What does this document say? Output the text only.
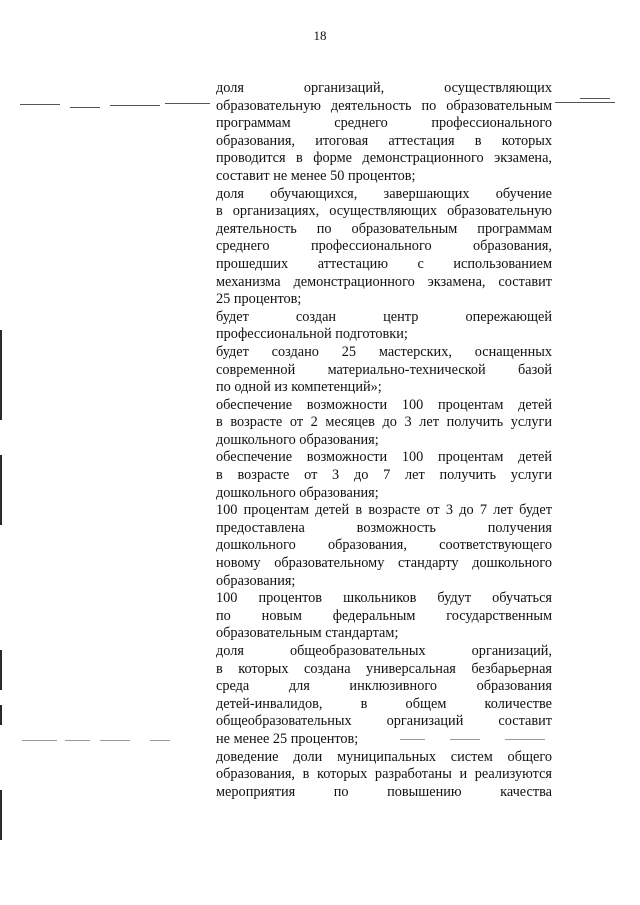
18
доля организаций, осуществляющих
образовательную деятельность по образовательным
программам среднего профессионального
образования, итоговая аттестация в которых
проводится в форме демонстрационного экзамена,
составит не менее 50 процентов;
доля обучающихся, завершающих обучение
в организациях, осуществляющих образовательную
деятельность по образовательным программам
среднего профессионального образования,
прошедших аттестацию с использованием
механизма демонстрационного экзамена, составит
25 процентов;
будет создан центр опережающей
профессиональной подготовки;
будет создано 25 мастерских, оснащенных
современной материально-технической базой
по одной из компетенций»;
обеспечение возможности 100 процентам детей
в возрасте от 2 месяцев до 3 лет получить услуги
дошкольного образования;
обеспечение возможности 100 процентам детей
в возрасте от 3 до 7 лет получить услуги
дошкольного образования;
100 процентам детей в возрасте от 3 до 7 лет будет
предоставлена возможность получения
дошкольного образования, соответствующего
новому образовательному стандарту дошкольного
образования;
100 процентов школьников будут обучаться
по новым федеральным государственным
образовательным стандартам;
доля общеобразовательных организаций,
в которых создана универсальная безбарьерная
среда для инклюзивного образования
детей-инвалидов, в общем количестве
общеобразовательных организаций составит
не менее 25 процентов;
доведение доли муниципальных систем общего
образования, в которых разработаны и реализуются
мероприятия по повышению качества
